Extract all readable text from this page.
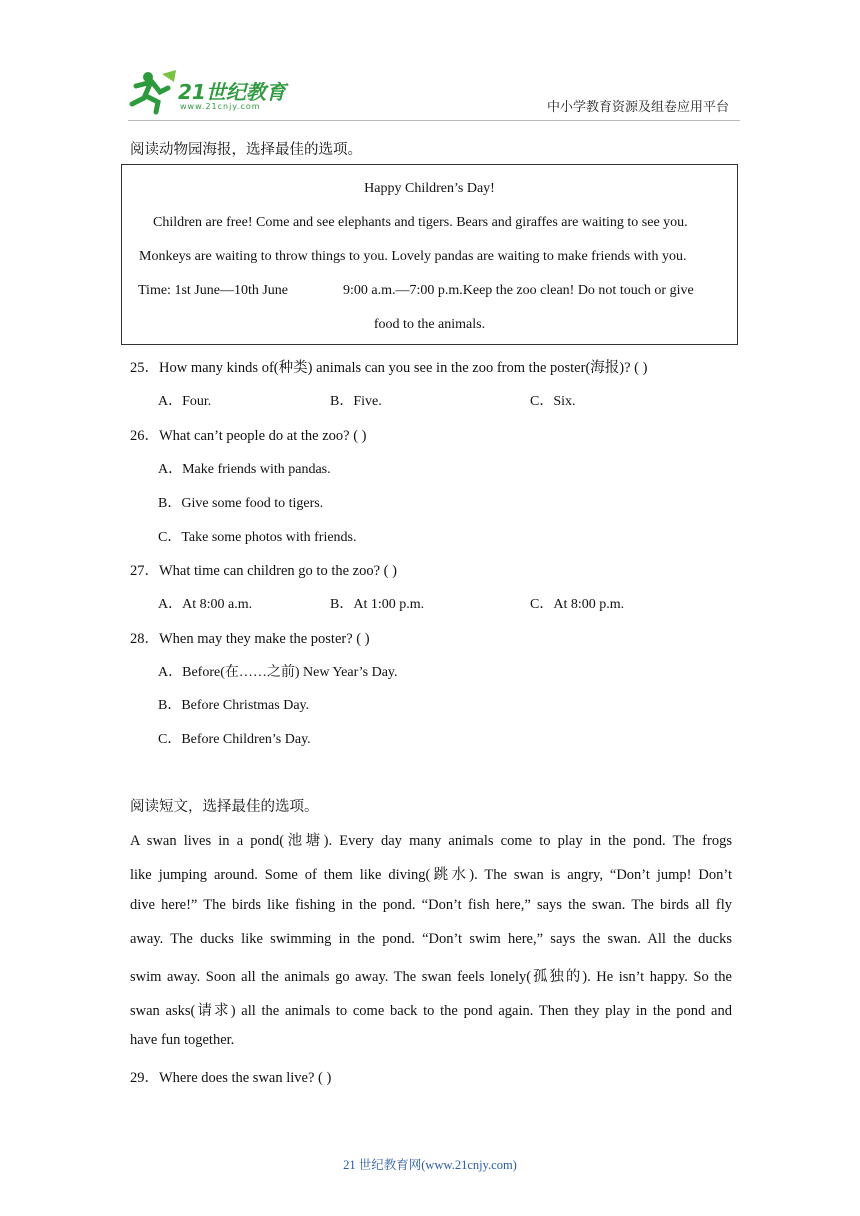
21世纪教育
www.21cnjy.com	中小学教育资源及组卷应用平台
阅读动物园海报，选择最佳的选项。
Happy Children’s Day!
Children are free! Come and see elephants and tigers. Bears and giraffes are waiting to see you.
Monkeys are waiting to throw things to you. Lovely pandas are waiting to make friends with you.
Time: 1st June—10th June	9:00 a.m.—7:00 p.m.Keep the zoo clean! Do not touch or give
food to the animals.
25．How many kinds of(种类) animals can you see in the zoo from the poster(海报)? ( )
A．Four.	B．Five.	C．Six.
26．What can’t people do at the zoo? ( )
A．Make friends with pandas.
B．Give some food to tigers.
C．Take some photos with friends.
27．What time can children go to the zoo? ( )
A．At 8:00 a.m.	B．At 1:00 p.m.	C．At 8:00 p.m.
28．When may they make the poster? ( )
A．Before(在……之前) New Year’s Day.
B．Before Christmas Day.
C．Before Children’s Day.
阅读短文，选择最佳的选项。
A swan lives in a pond(池塘). Every day many animals come to play in the pond. The frogs
like jumping around. Some of them like diving(跳水). The swan is angry, “Don’t jump! Don’t
dive here!” The birds like fishing in the pond. “Don’t fish here,” says the swan. The birds all fly
away. The ducks like swimming in the pond. “Don’t swim here,” says the swan. All the ducks
swim away. Soon all the animals go away. The swan feels lonely(孤独的). He isn’t happy. So the
swan asks(请求) all the animals to come back to the pond again. Then they play in the pond and
have fun together.
29．Where does the swan live? ( )
21 世纪教育网(www.21cnjy.com)
